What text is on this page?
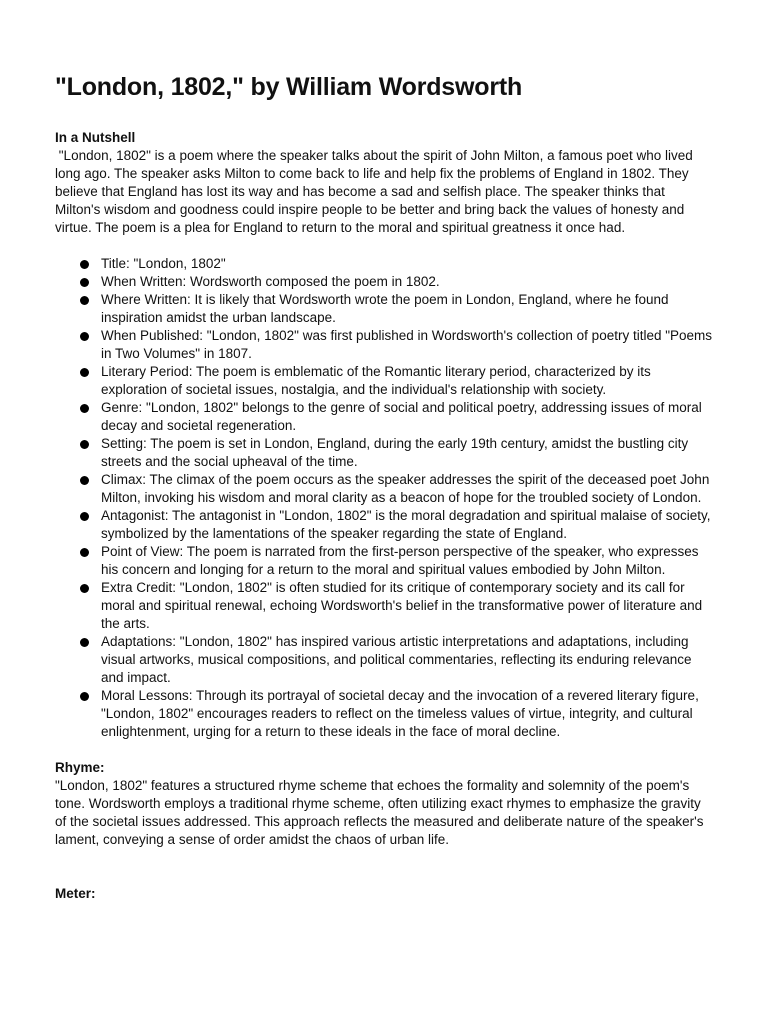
"London, 1802," by William Wordsworth
In a Nutshell

"London, 1802" is a poem where the speaker talks about the spirit of John Milton, a famous poet who lived long ago. The speaker asks Milton to come back to life and help fix the problems of England in 1802. They believe that England has lost its way and has become a sad and selfish place. The speaker thinks that Milton's wisdom and goodness could inspire people to be better and bring back the values of honesty and virtue. The poem is a plea for England to return to the moral and spiritual greatness it once had.

Title: "London, 1802"
When Written: Wordsworth composed the poem in 1802.
Where Written: It is likely that Wordsworth wrote the poem in London, England, where he found inspiration amidst the urban landscape.
When Published: "London, 1802" was first published in Wordsworth's collection of poetry titled "Poems in Two Volumes" in 1807.
Literary Period: The poem is emblematic of the Romantic literary period, characterized by its exploration of societal issues, nostalgia, and the individual's relationship with society.
Genre: "London, 1802" belongs to the genre of social and political poetry, addressing issues of moral decay and societal regeneration.
Setting: The poem is set in London, England, during the early 19th century, amidst the bustling city streets and the social upheaval of the time.
Climax: The climax of the poem occurs as the speaker addresses the spirit of the deceased poet John Milton, invoking his wisdom and moral clarity as a beacon of hope for the troubled society of London.
Antagonist: The antagonist in "London, 1802" is the moral degradation and spiritual malaise of society, symbolized by the lamentations of the speaker regarding the state of England.
Point of View: The poem is narrated from the first-person perspective of the speaker, who expresses his concern and longing for a return to the moral and spiritual values embodied by John Milton.
Extra Credit: "London, 1802" is often studied for its critique of contemporary society and its call for moral and spiritual renewal, echoing Wordsworth's belief in the transformative power of literature and the arts.
Adaptations: "London, 1802" has inspired various artistic interpretations and adaptations, including visual artworks, musical compositions, and political commentaries, reflecting its enduring relevance and impact.
Moral Lessons: Through its portrayal of societal decay and the invocation of a revered literary figure, "London, 1802" encourages readers to reflect on the timeless values of virtue, integrity, and cultural enlightenment, urging for a return to these ideals in the face of moral decline.
Rhyme:

"London, 1802" features a structured rhyme scheme that echoes the formality and solemnity of the poem's tone. Wordsworth employs a traditional rhyme scheme, often utilizing exact rhymes to emphasize the gravity of the societal issues addressed. This approach reflects the measured and deliberate nature of the speaker's lament, conveying a sense of order amidst the chaos of urban life.

Meter:
